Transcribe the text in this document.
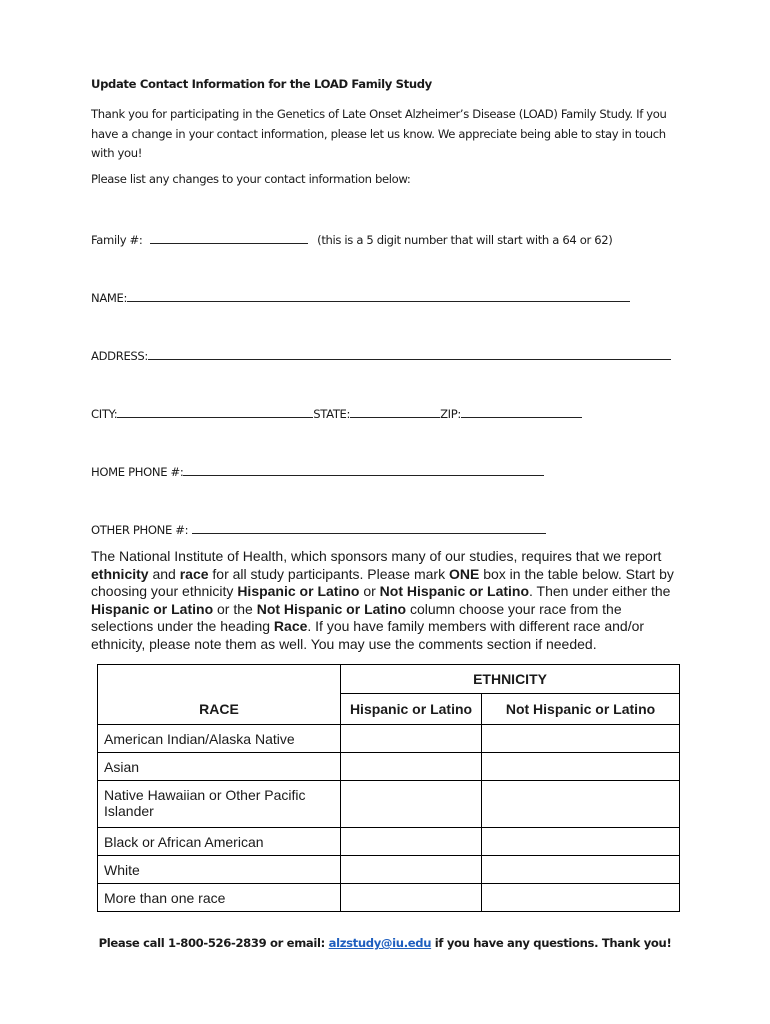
Update Contact Information for the LOAD Family Study
Thank you for participating in the Genetics of Late Onset Alzheimer’s Disease (LOAD) Family Study. If you have a change in your contact information, please let us know. We appreciate being able to stay in touch with you!
Please list any changes to your contact information below:
Family #:	(this is a 5 digit number that will start with a 64 or 62)
NAME:
ADDRESS:
CITY:	STATE:	ZIP:
HOME PHONE #:
OTHER PHONE #:
The National Institute of Health, which sponsors many of our studies, requires that we report ethnicity and race for all study participants. Please mark ONE box in the table below. Start by choosing your ethnicity Hispanic or Latino or Not Hispanic or Latino. Then under either the Hispanic or Latino or the Not Hispanic or Latino column choose your race from the selections under the heading Race. If you have family members with different race and/or ethnicity, please note them as well. You may use the comments section if needed.
	ETHNICITY	
RACE	Hispanic or Latino	Not Hispanic or Latino
American Indian/Alaska Native		
Asian		
Native Hawaiian or Other Pacific Islander		
Black or African American		
White		
More than one race		
Please call 1-800-526-2839 or email: alzstudy@iu.edu if you have any questions. Thank you!
